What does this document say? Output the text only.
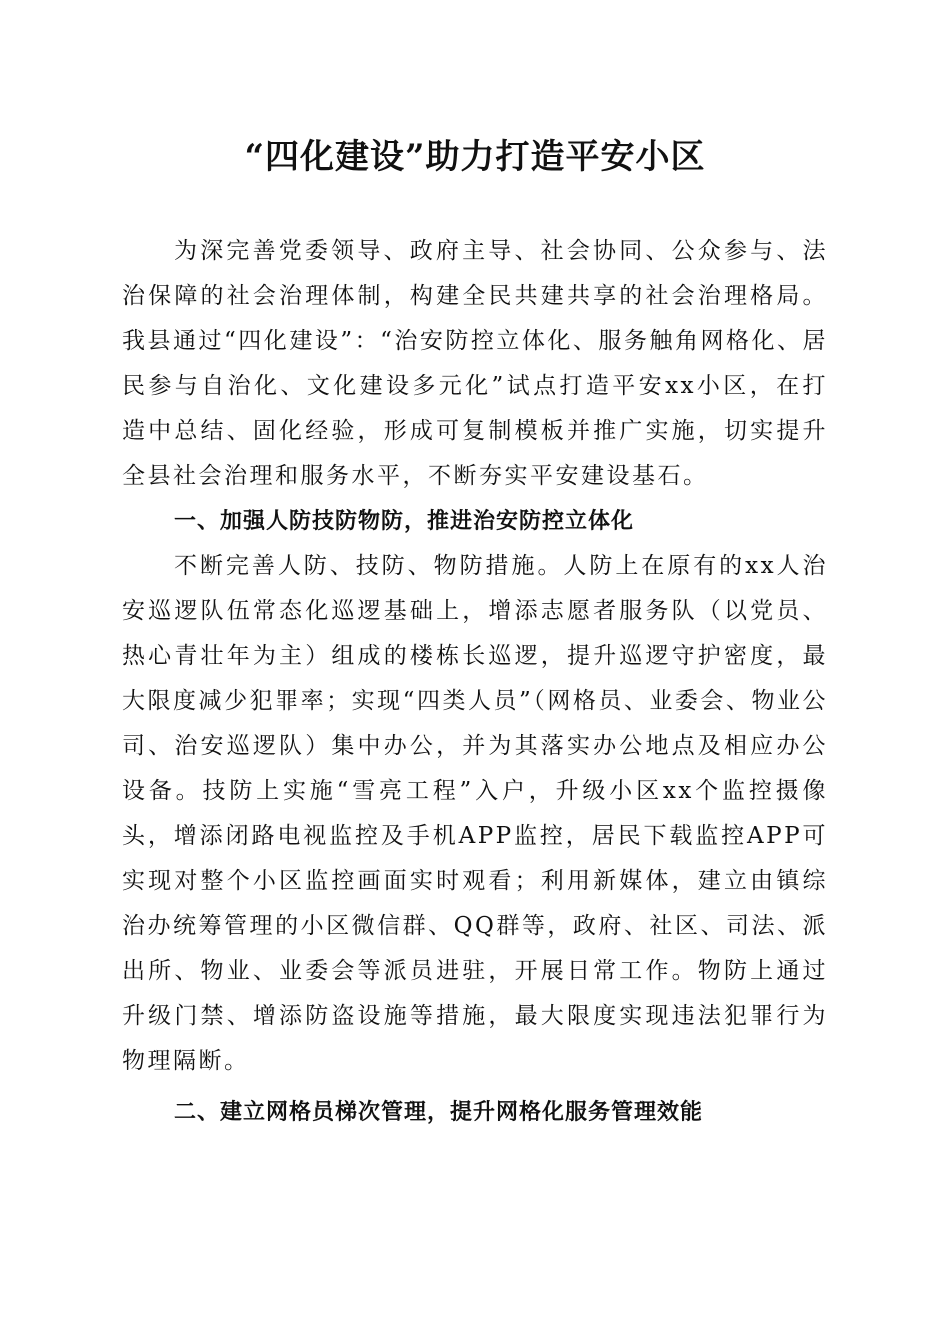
“四化建设”助力打造平安小区

为深完善党委领导、政府主导、社会协同、公众参与、法治保障的社会治理体制，构建全民共建共享的社会治理格局。我县通过“四化建设”：“治安防控立体化、服务触角网格化、居民参与自治化、文化建设多元化”试点打造平安xx小区，在打造中总结、固化经验，形成可复制模板并推广实施，切实提升全县社会治理和服务水平，不断夯实平安建设基石。

一、加强人防技防物防，推进治安防控立体化

不断完善人防、技防、物防措施。人防上在原有的xx人治安巡逻队伍常态化巡逻基础上，增添志愿者服务队（以党员、热心青壮年为主）组成的楼栋长巡逻，提升巡逻守护密度，最大限度减少犯罪率；实现“四类人员”（网格员、业委会、物业公司、治安巡逻队）集中办公，并为其落实办公地点及相应办公设备。技防上实施“雪亮工程”入户，升级小区xx个监控摄像头，增添闭路电视监控及手机APP监控，居民下载监控APP可实现对整个小区监控画面实时观看；利用新媒体，建立由镇综治办统筹管理的小区微信群、QQ群等，政府、社区、司法、派出所、物业、业委会等派员进驻，开展日常工作。物防上通过升级门禁、增添防盗设施等措施，最大限度实现违法犯罪行为物理隔断。

二、建立网格员梯次管理，提升网格化服务管理效能
